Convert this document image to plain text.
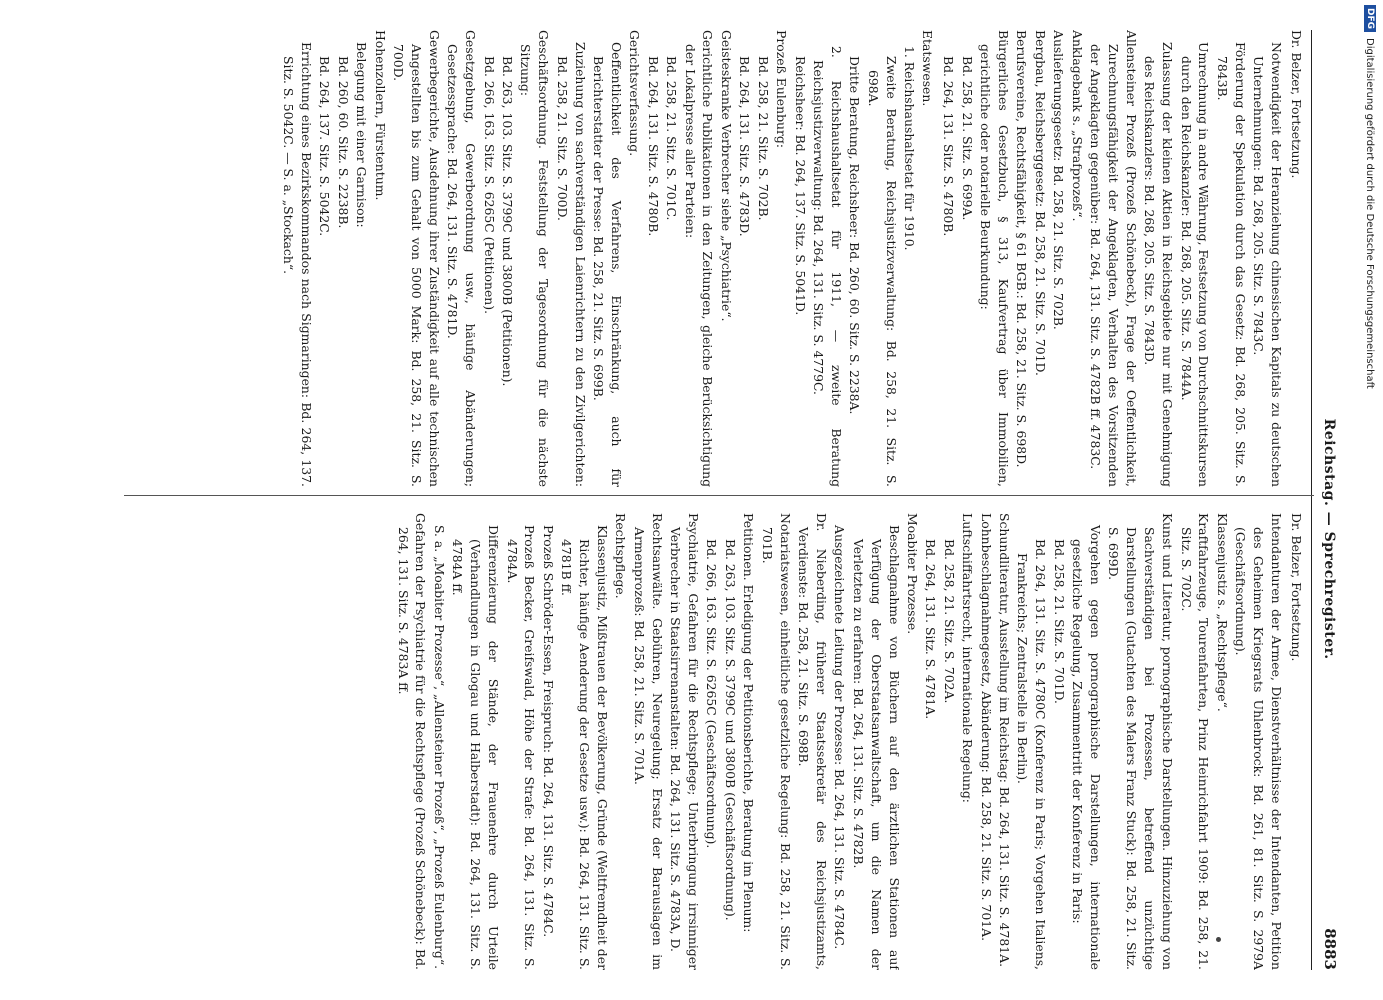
Reichstag. — Sprechregister.
8883

Dr. Belzer, Fortsetzung.

Notwendigkeit der Heranziehung chinesischen Kapitals zu deutschen Unternehmungen: Bd. 268, 205. Sitz. S. 7843C.

Förderung der Spekulation durch das Gesetz: Bd. 268, 205. Sitz. S. 7843B.

Umrechnung in andre Währung, Festsetzung von Durchschnittskursen durch den Reichskanzler: Bd. 268, 205. Sitz. S. 7844A.

Zulassung der kleinen Aktien in Reichsgebiete nur mit Genehmigung des Reichskanzlers: Bd. 268, 205. Sitz. S. 7843D.

Allensteiner Prozeß (Prozeß Schönebeck), Frage der Oeffentlichkeit, Zurechnungsfähigkeit der Angeklagten, Verhalten des Vorsitzenden der Angeklagten gegenüber: Bd. 264, 131. Sitz. S. 4782B ff. 4783C.

Anklagebank s. „Strafprozeß“.

Auslieferungsgesetz: Bd. 258, 21. Sitz. S. 702B.

Bergbau, Reichsberggesetz: Bd. 258, 21. Sitz. S. 701D.

Berufsvereine, Rechtsfähigkeit, § 61 BGB.: Bd. 258, 21. Sitz. S. 698D.

Bürgerliches Gesetzbuch, § 313, Kaufvertrag über Immobilien, gerichtliche oder notarielle Beurkundung:

Bd. 258, 21. Sitz. S. 699A.

Bd. 264, 131. Sitz. S. 4780B.

Etatswesen.

1. Reichshaushaltsetat für 1910.

Zweite Beratung, Reichsjustizverwaltung: Bd. 258, 21. Sitz. S. 698A.

Dritte Beratung, Reichsheer: Bd. 260, 60. Sitz. S. 2238A.

2. Reichshaushaltsetat für 1911, — zweite Beratung Reichsjustizverwaltung: Bd. 264, 131. Sitz. S. 4779C.

Reichsheer: Bd. 264, 137. Sitz. S. 5041D.

Prozeß Eulenburg:

Bd. 258, 21. Sitz. S. 702B.

Bd. 264, 131. Sitz. S. 4783D.

Geisteskranke Verbrecher siehe „Psychiatrie“.

Gerichtliche Publikationen in den Zeitungen, gleiche Berücksichtigung der Lokalpresse aller Parteien:

Bd. 258, 21. Sitz. S. 701C.

Bd. 264, 131. Sitz. S. 4780B.

Gerichtsverfassung.

Oeffentlichkeit des Verfahrens, Einschränkung, auch für Berichterstatter der Presse: Bd. 258, 21. Sitz. S. 699B.

Zuziehung von sachverständigen Laienrichtern zu den Zivilgerichten: Bd. 258, 21. Sitz. S. 700D.

Geschäftsordnung. Feststellung der Tagesordnung für die nächste Sitzung:

Bd. 263, 103. Sitz. S. 3799C und 3800B (Petitionen).

Bd. 266, 163. Sitz. S. 6265C (Petitionen).

Gesetzgebung, Gewerbeordnung usw., häufige Abänderungen; Gesetzessprache: Bd. 264, 131. Sitz. S. 4781D.

Gewerbegerichte, Ausdehnung ihrer Zuständigkeit auf alle technischen Angestellten bis zum Gehalt von 5000 Mark: Bd. 258, 21. Sitz. S. 700D.

Hohenzollern, Fürstentum.

Belegung mit einer Garnison:

Bd. 260, 60. Sitz. S. 2238B.

Bd. 264, 137. Sitz. S. 5042C.

Errichtung eines Bezirkskommandos nach Sigmaringen: Bd. 264, 137. Sitz. S. 5042C. — S. a. „Stockach“.

Dr. Belzer, Fortsetzung.

Intendanturen der Armee, Dienstverhältnisse der Intendanten, Petition des Geheimen Kriegsrats Uhlenbrock: Bd. 261, 81. Sitz. S. 2979A (Geschäftsordnung).

Klassenjustiz s. „Rechtspflege“.

Kraftfahrzeuge, Tourenfahrten, Prinz Heinrichfahrt 1909: Bd. 258, 21. Sitz. S. 702C.

Kunst und Literatur, pornographische Darstellungen. Hinzuziehung von Sachverständigen bei Prozessen, betreffend unzüchtige Darstellungen (Gutachten des Malers Franz Stuck): Bd. 258, 21. Sitz. S. 699D.

Vorgehen gegen pornographische Darstellungen, internationale gesetzliche Regelung, Zusammentritt der Konferenz in Paris:

Bd. 258, 21. Sitz. S. 701D.

Bd. 264, 131. Sitz. S. 4780C (Konferenz in Paris; Vorgehen Italiens, Frankreichs; Zentralstelle in Berlin).

Schundliteratur, Ausstellung im Reichstag: Bd. 264, 131. Sitz. S. 4781A.

Lohnbeschlagnahmegesetz, Abänderung: Bd. 258, 21. Sitz. S. 701A.

Luftschiffahrtsrecht, internationale Regelung:

Bd. 258, 21. Sitz. S. 702A.

Bd. 264, 131. Sitz. S. 4781A.

Moabiter Prozesse.

Beschlagnahme von Büchern auf den ärztlichen Stationen auf Verfügung der Oberstaatsanwaltschaft, um die Namen der Verletzten zu erfahren: Bd. 264, 131. Sitz. S. 4782B.

Ausgezeichnete Leitung der Prozesse: Bd. 264, 131. Sitz. S. 4784C.

Dr. Nieberding, früherer Staatssekretär des Reichsjustizamts, Verdienste: Bd. 258, 21. Sitz. S. 698B.

Notariatswesen, einheitliche gesetzliche Regelung: Bd. 258, 21. Sitz. S. 701B.

Petitionen. Erledigung der Petitionsberichte, Beratung im Plenum:

Bd. 263, 103. Sitz. S. 3799C und 3800B (Geschäftsordnung).

Bd. 266, 163. Sitz. S. 6265C (Geschäftsordnung).

Psychiatrie, Gefahren für die Rechtspflege; Unterbringung irrsinniger Verbrecher in Staatsirrenanstalten: Bd. 264, 131. Sitz. S. 4783A, D.

Rechtsanwälte. Gebühren, Neuregelung; Ersatz der Barauslagen im Armenprozeß: Bd. 258, 21. Sitz. S. 701A.

Rechtspflege.

Klassenjustiz, Mißtrauen der Bevölkerung, Gründe (Weltfremdheit der Richter, häufige Aenderung der Gesetze usw.): Bd. 264, 131. Sitz. S. 4781B ff.

Prozeß Schröder-Essen, Freispruch: Bd. 264, 131. Sitz. S. 4784C.

Prozeß Becker, Greifswald, Höhe der Strafe: Bd. 264, 131. Sitz. S. 4784A.

Differenzierung der Stände, der Frauenehre durch Urteile (Verhandlungen in Glogau und Halberstadt): Bd. 264, 131. Sitz. S. 4784A ff.

S. a. „Moabiter Prozesse“, „Allensteiner Prozeß“, „Prozeß Eulenburg“.

Gefahren der Psychiatrie für die Rechtspflege (Prozeß Schönebeck): Bd. 264, 131. Sitz. S. 4783A ff.

DFG
Digitalisierung gefördert durch die Deutsche Forschungsgemeinschaft
